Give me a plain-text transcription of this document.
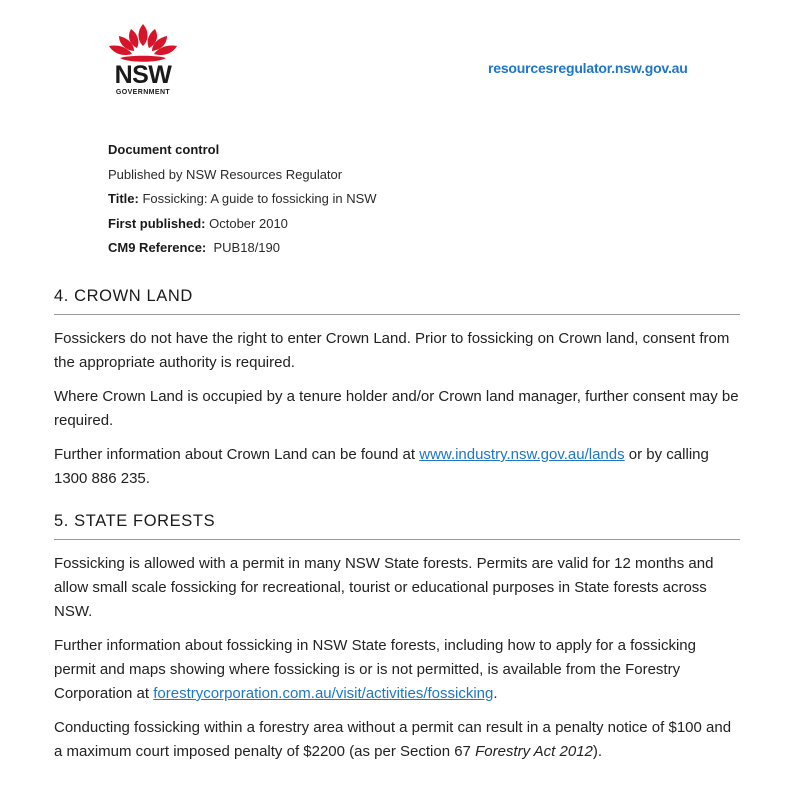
NSW
GOVERNMENT
resourcesregulator.nsw.gov.au
Document control
Published by NSW Resources Regulator
Title: Fossicking: A guide to fossicking in NSW
First published: October 2010
CM9 Reference: PUB18/190
4. CROWN LAND

Fossickers do not have the right to enter Crown Land. Prior to fossicking on Crown land, consent from the appropriate authority is required.

Where Crown Land is occupied by a tenure holder and/or Crown land manager, further consent may be required.

Further information about Crown Land can be found at www.industry.nsw.gov.au/lands or by calling 1300 886 235.

5. STATE FORESTS

Fossicking is allowed with a permit in many NSW State forests. Permits are valid for 12 months and allow small scale fossicking for recreational, tourist or educational purposes in State forests across NSW.

Further information about fossicking in NSW State forests, including how to apply for a fossicking permit and maps showing where fossicking is or is not permitted, is available from the Forestry Corporation at forestrycorporation.com.au/visit/activities/fossicking.

Conducting fossicking within a forestry area without a permit can result in a penalty notice of $100 and a maximum court imposed penalty of $2200 (as per Section 67 Forestry Act 2012).
